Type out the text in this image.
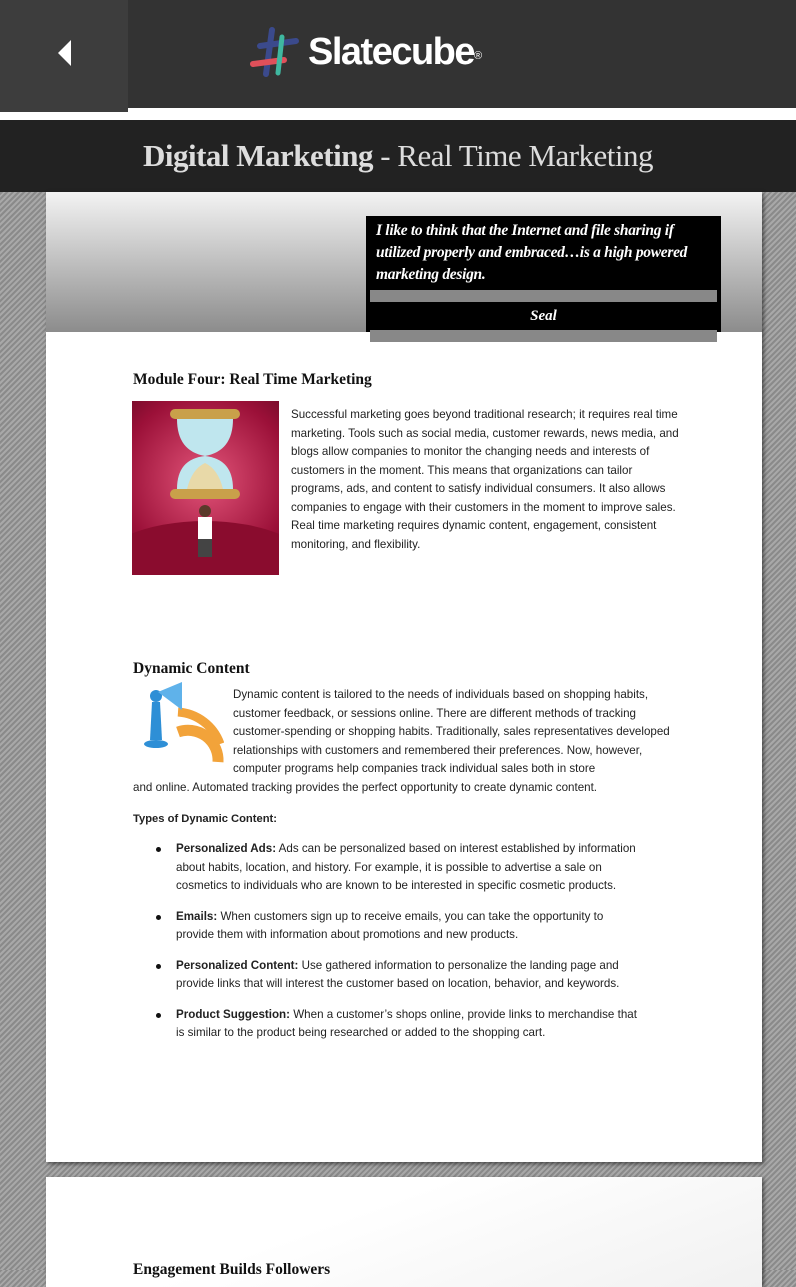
Slatecube®
Digital Marketing - Real Time Marketing
I like to think that the Internet and file sharing if utilized properly and embraced…is a high powered marketing design.
Seal
Module Four: Real Time Marketing
Successful marketing goes beyond traditional research; it requires real time marketing. Tools such as social media, customer rewards, news media, and blogs allow companies to monitor the changing needs and interests of customers in the moment. This means that organizations can tailor programs, ads, and content to satisfy individual consumers. It also allows companies to engage with their customers in the moment to improve sales. Real time marketing requires dynamic content, engagement, consistent monitoring, and flexibility.
Dynamic Content
Dynamic content is tailored to the needs of individuals based on shopping habits, customer feedback, or sessions online. There are different methods of tracking customer-spending or shopping habits. Traditionally, sales representatives developed relationships with customers and remembered their preferences. Now, however, computer programs help companies track individual sales both in store
and online. Automated tracking provides the perfect opportunity to create dynamic content.
Types of Dynamic Content:
Personalized Ads: Ads can be personalized based on interest established by information about habits, location, and history. For example, it is possible to advertise a sale on cosmetics to individuals who are known to be interested in specific cosmetic products.
Emails: When customers sign up to receive emails, you can take the opportunity to provide them with information about promotions and new products.
Personalized Content: Use gathered information to personalize the landing page and provide links that will interest the customer based on location, behavior, and keywords.
Product Suggestion: When a customer’s shops online, provide links to merchandise that is similar to the product being researched or added to the shopping cart.
Engagement Builds Followers
